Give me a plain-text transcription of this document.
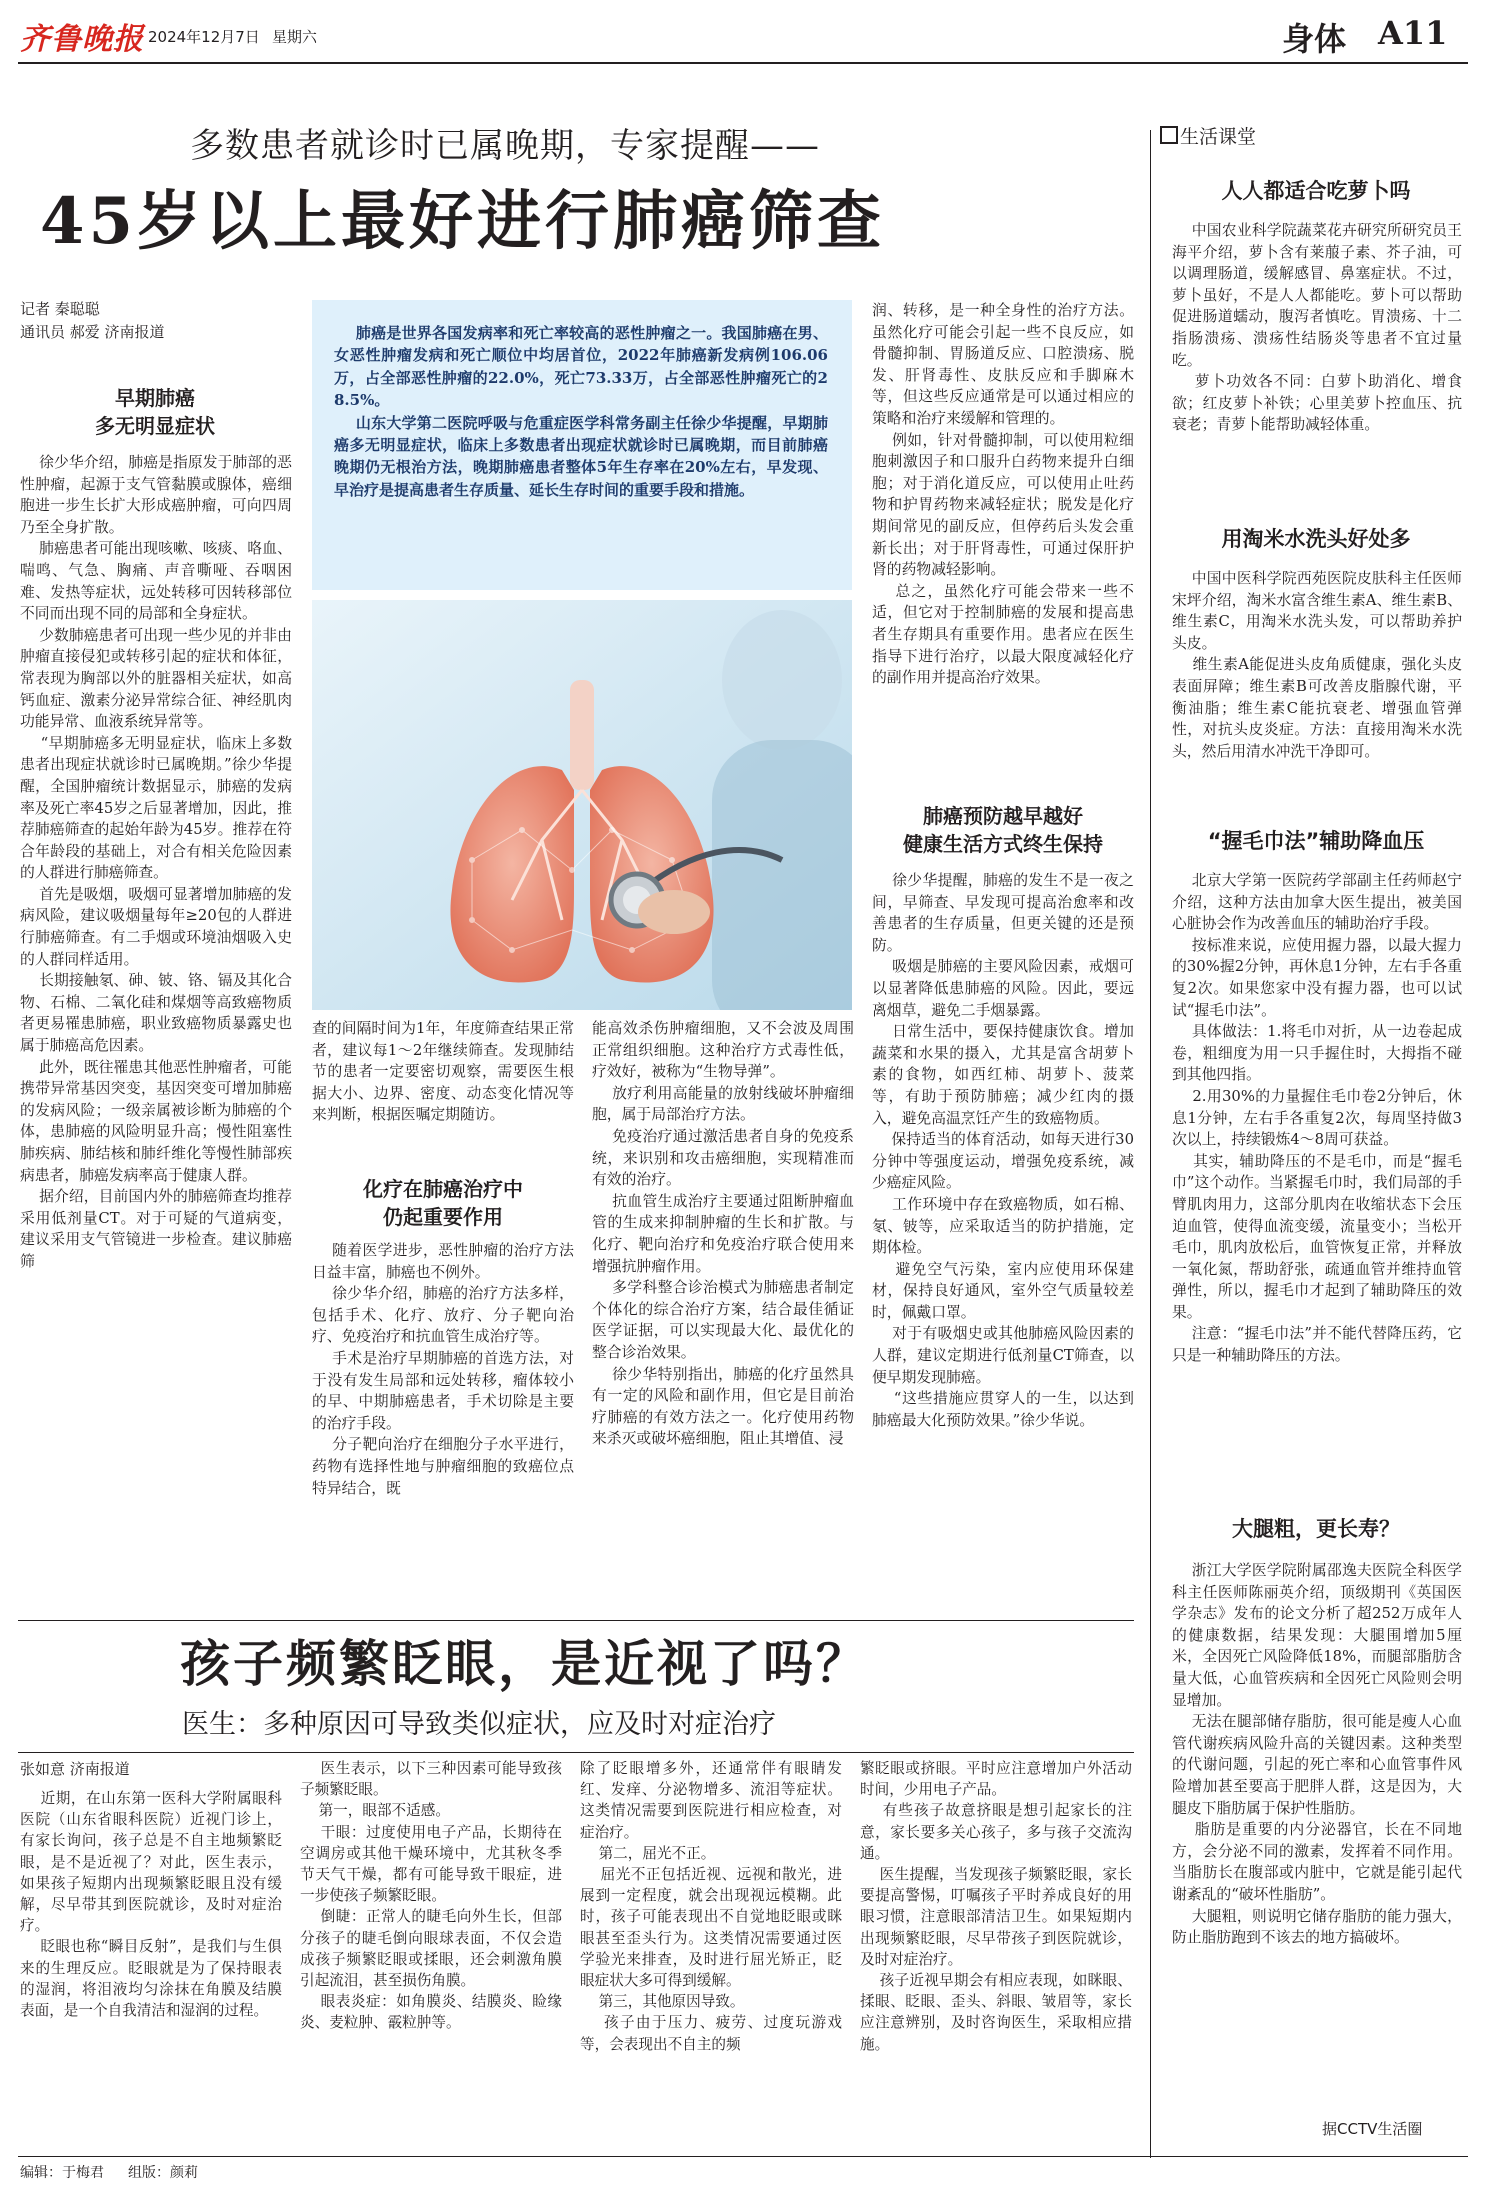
齐鲁晚报 2024年12月7日 星期六	身体 A11
多数患者就诊时已属晚期，专家提醒——
45岁以上最好进行肺癌筛查
记者 秦聪聪
通讯员 郝爱 济南报道
早期肺癌
多无明显症状
徐少华介绍，肺癌是指原发于肺部的恶性肿瘤，起源于支气管黏膜或腺体，癌细胞进一步生长扩大形成癌肿瘤，可向四周乃至全身扩散。
肺癌患者可能出现咳嗽、咳痰、咯血、喘鸣、气急、胸痛、声音嘶哑、吞咽困难、发热等症状，远处转移可因转移部位不同而出现不同的局部和全身症状。
少数肺癌患者可出现一些少见的并非由肿瘤直接侵犯或转移引起的症状和体征，常表现为胸部以外的脏器相关症状，如高钙血症、激素分泌异常综合征、神经肌肉功能异常、血液系统异常等。
“早期肺癌多无明显症状，临床上多数患者出现症状就诊时已属晚期。”徐少华提醒，全国肿瘤统计数据显示，肺癌的发病率及死亡率45岁之后显著增加，因此，推荐肺癌筛查的起始年龄为45岁。推荐在符合年龄段的基础上，对合有相关危险因素的人群进行肺癌筛查。
首先是吸烟，吸烟可显著增加肺癌的发病风险，建议吸烟量每年≥20包的人群进行肺癌筛查。有二手烟或环境油烟吸入史的人群同样适用。
长期接触氡、砷、铍、铬、镉及其化合物、石棉、二氧化硅和煤烟等高致癌物质者更易罹患肺癌，职业致癌物质暴露史也属于肺癌高危因素。
此外，既往罹患其他恶性肿瘤者，可能携带异常基因突变，基因突变可增加肺癌的发病风险；一级亲属被诊断为肺癌的个体，患肺癌的风险明显升高；慢性阻塞性肺疾病、肺结核和肺纤维化等慢性肺部疾病患者，肺癌发病率高于健康人群。
据介绍，目前国内外的肺癌筛查均推荐采用低剂量CT。对于可疑的气道病变，建议采用支气管镜进一步检查。建议肺癌筛
肺癌是世界各国发病率和死亡率较高的恶性肿瘤之一。我国肺癌在男、女恶性肿瘤发病和死亡顺位中均居首位，2022年肺癌新发病例106.06万，占全部恶性肿瘤的22.0%，死亡73.33万，占全部恶性肿瘤死亡的28.5%。
山东大学第二医院呼吸与危重症医学科常务副主任徐少华提醒，早期肺癌多无明显症状，临床上多数患者出现症状就诊时已属晚期，而目前肺癌晚期仍无根治方法，晚期肺癌患者整体5年生存率在20%左右，早发现、早治疗是提高患者生存质量、延长生存时间的重要手段和措施。
查的间隔时间为1年，年度筛查结果正常者，建议每1～2年继续筛查。发现肺结节的患者一定要密切观察，需要医生根据大小、边界、密度、动态变化情况等来判断，根据医嘱定期随访。
化疗在肺癌治疗中
仍起重要作用
随着医学进步，恶性肿瘤的治疗方法日益丰富，肺癌也不例外。
徐少华介绍，肺癌的治疗方法多样，包括手术、化疗、放疗、分子靶向治疗、免疫治疗和抗血管生成治疗等。
手术是治疗早期肺癌的首选方法，对于没有发生局部和远处转移，瘤体较小的早、中期肺癌患者，手术切除是主要的治疗手段。
分子靶向治疗在细胞分子水平进行，药物有选择性地与肿瘤细胞的致癌位点特异结合，既
能高效杀伤肿瘤细胞，又不会波及周围正常组织细胞。这种治疗方式毒性低，疗效好，被称为“生物导弹”。
放疗利用高能量的放射线破坏肿瘤细胞，属于局部治疗方法。
免疫治疗通过激活患者自身的免疫系统，来识别和攻击癌细胞，实现精准而有效的治疗。
抗血管生成治疗主要通过阻断肿瘤血管的生成来抑制肿瘤的生长和扩散。与化疗、靶向治疗和免疫治疗联合使用来增强抗肿瘤作用。
多学科整合诊治模式为肺癌患者制定个体化的综合治疗方案，结合最佳循证医学证据，可以实现最大化、最优化的整合诊治效果。
徐少华特别指出，肺癌的化疗虽然具有一定的风险和副作用，但它是目前治疗肺癌的有效方法之一。化疗使用药物来杀灭或破坏癌细胞，阻止其增值、浸
润、转移，是一种全身性的治疗方法。虽然化疗可能会引起一些不良反应，如骨髓抑制、胃肠道反应、口腔溃疡、脱发、肝肾毒性、皮肤反应和手脚麻木等，但这些反应通常是可以通过相应的策略和治疗来缓解和管理的。
例如，针对骨髓抑制，可以使用粒细胞刺激因子和口服升白药物来提升白细胞；对于消化道反应，可以使用止吐药物和护胃药物来减轻症状；脱发是化疗期间常见的副反应，但停药后头发会重新长出；对于肝肾毒性，可通过保肝护肾的药物减轻影响。
总之，虽然化疗可能会带来一些不适，但它对于控制肺癌的发展和提高患者生存期具有重要作用。患者应在医生指导下进行治疗，以最大限度减轻化疗的副作用并提高治疗效果。
肺癌预防越早越好
健康生活方式终生保持
徐少华提醒，肺癌的发生不是一夜之间，早筛查、早发现可提高治愈率和改善患者的生存质量，但更关键的还是预防。
吸烟是肺癌的主要风险因素，戒烟可以显著降低患肺癌的风险。因此，要远离烟草，避免二手烟暴露。
日常生活中，要保持健康饮食。增加蔬菜和水果的摄入，尤其是富含胡萝卜素的食物，如西红柿、胡萝卜、菠菜等，有助于预防肺癌；减少红肉的摄入，避免高温烹饪产生的致癌物质。
保持适当的体育活动，如每天进行30分钟中等强度运动，增强免疫系统，减少癌症风险。
工作环境中存在致癌物质，如石棉、氡、铍等，应采取适当的防护措施，定期体检。
避免空气污染，室内应使用环保建材，保持良好通风，室外空气质量较差时，佩戴口罩。
对于有吸烟史或其他肺癌风险因素的人群，建议定期进行低剂量CT筛查，以便早期发现肺癌。
“这些措施应贯穿人的一生，以达到肺癌最大化预防效果。”徐少华说。
孩子频繁眨眼，是近视了吗？
医生：多种原因可导致类似症状，应及时对症治疗
张如意 济南报道
近期，在山东第一医科大学附属眼科医院（山东省眼科医院）近视门诊上，有家长询问，孩子总是不自主地频繁眨眼，是不是近视了？对此，医生表示，如果孩子短期内出现频繁眨眼且没有缓解，尽早带其到医院就诊，及时对症治疗。
眨眼也称“瞬目反射”，是我们与生俱来的生理反应。眨眼就是为了保持眼表的湿润，将泪液均匀涂抹在角膜及结膜表面，是一个自我清洁和湿润的过程。
医生表示，以下三种因素可能导致孩子频繁眨眼。
第一，眼部不适感。
干眼：过度使用电子产品，长期待在空调房或其他干燥环境中，尤其秋冬季节天气干燥，都有可能导致干眼症，进一步使孩子频繁眨眼。
倒睫：正常人的睫毛向外生长，但部分孩子的睫毛倒向眼球表面，不仅会造成孩子频繁眨眼或揉眼，还会刺激角膜引起流泪，甚至损伤角膜。
眼表炎症：如角膜炎、结膜炎、睑缘炎、麦粒肿、霰粒肿等。
除了眨眼增多外，还通常伴有眼睛发红、发痒、分泌物增多、流泪等症状。这类情况需要到医院进行相应检查，对症治疗。
第二，屈光不正。
屈光不正包括近视、远视和散光，进展到一定程度，就会出现视远模糊。此时，孩子可能表现出不自觉地眨眼或眯眼甚至歪头行为。这类情况需要通过医学验光来排查，及时进行屈光矫正，眨眼症状大多可得到缓解。
第三，其他原因导致。
孩子由于压力、疲劳、过度玩游戏等，会表现出不自主的频
繁眨眼或挤眼。平时应注意增加户外活动时间，少用电子产品。
有些孩子故意挤眼是想引起家长的注意，家长要多关心孩子，多与孩子交流沟通。
医生提醒，当发现孩子频繁眨眼，家长要提高警惕，叮嘱孩子平时养成良好的用眼习惯，注意眼部清洁卫生。如果短期内出现频繁眨眼，尽早带孩子到医院就诊，及时对症治疗。
孩子近视早期会有相应表现，如眯眼、揉眼、眨眼、歪头、斜眼、皱眉等，家长应注意辨别，及时咨询医生，采取相应措施。
生活课堂
人人都适合吃萝卜吗
中国农业科学院蔬菜花卉研究所研究员王海平介绍，萝卜含有莱菔子素、芥子油，可以调理肠道，缓解感冒、鼻塞症状。不过，萝卜虽好，不是人人都能吃。萝卜可以帮助促进肠道蠕动，腹泻者慎吃。胃溃疡、十二指肠溃疡、溃疡性结肠炎等患者不宜过量吃。
萝卜功效各不同：白萝卜助消化、增食欲；红皮萝卜补铁；心里美萝卜控血压、抗衰老；青萝卜能帮助减轻体重。
用淘米水洗头好处多
中国中医科学院西苑医院皮肤科主任医师宋坪介绍，淘米水富含维生素A、维生素B、维生素C，用淘米水洗头发，可以帮助养护头皮。
维生素A能促进头皮角质健康，强化头皮表面屏障；维生素B可改善皮脂腺代谢，平衡油脂；维生素C能抗衰老、增强血管弹性，对抗头皮炎症。方法：直接用淘米水洗头，然后用清水冲洗干净即可。
“握毛巾法”辅助降血压
北京大学第一医院药学部副主任药师赵宁介绍，这种方法由加拿大医生提出，被美国心脏协会作为改善血压的辅助治疗手段。
按标准来说，应使用握力器，以最大握力的30%握2分钟，再休息1分钟，左右手各重复2次。如果您家中没有握力器，也可以试试“握毛巾法”。
具体做法：1.将毛巾对折，从一边卷起成卷，粗细度为用一只手握住时，大拇指不碰到其他四指。
2.用30%的力量握住毛巾卷2分钟后，休息1分钟，左右手各重复2次，每周坚持做3次以上，持续锻炼4～8周可获益。
其实，辅助降压的不是毛巾，而是“握毛巾”这个动作。当紧握毛巾时，我们局部的手臂肌肉用力，这部分肌肉在收缩状态下会压迫血管，使得血流变缓，流量变小；当松开毛巾，肌肉放松后，血管恢复正常，并释放一氧化氮，帮助舒张，疏通血管并维持血管弹性，所以，握毛巾才起到了辅助降压的效果。
注意：“握毛巾法”并不能代替降压药，它只是一种辅助降压的方法。
大腿粗，更长寿？
浙江大学医学院附属邵逸夫医院全科医学科主任医师陈丽英介绍，顶级期刊《英国医学杂志》发布的论文分析了超252万成年人的健康数据，结果发现：大腿围增加5厘米，全因死亡风险降低18%，而腿部脂肪含量大低，心血管疾病和全因死亡风险则会明显增加。
无法在腿部储存脂肪，很可能是瘦人心血管代谢疾病风险升高的关键因素。这种类型的代谢问题，引起的死亡率和心血管事件风险增加甚至要高于肥胖人群，这是因为，大腿皮下脂肪属于保护性脂肪。
脂肪是重要的内分泌器官，长在不同地方，会分泌不同的激素，发挥着不同作用。当脂肪长在腹部或内脏中，它就是能引起代谢紊乱的“破坏性脂肪”。
大腿粗，则说明它储存脂肪的能力强大，防止脂肪跑到不该去的地方搞破坏。
据CCTV生活圈
编辑：于梅君 组版：颜莉
